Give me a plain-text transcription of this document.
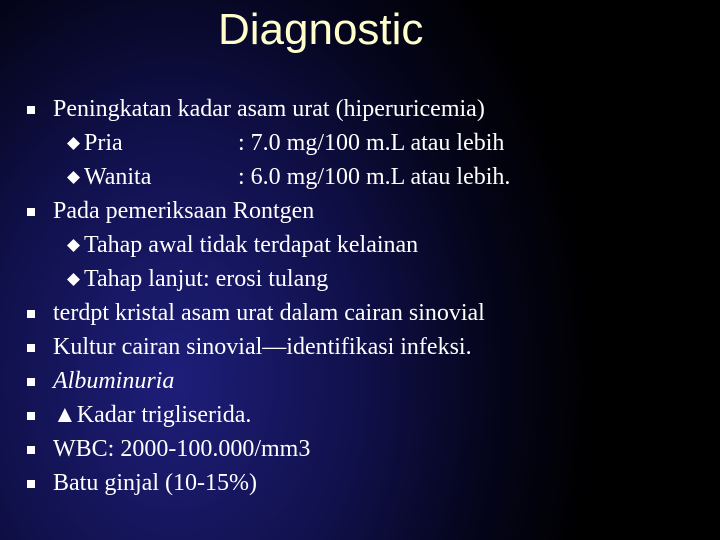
Diagnostic
Peningkatan kadar asam urat (hiperuricemia)
Pria	: 7.0 mg/100 m.L atau lebih
Wanita	: 6.0 mg/100 m.L atau lebih.
Pada pemeriksaan Rontgen
Tahap awal tidak terdapat kelainan
Tahap lanjut: erosi tulang
terdpt kristal asam urat dalam cairan sinovial
Kultur cairan sinovial—identifikasi infeksi.
Albuminuria
▲Kadar trigliserida.
WBC: 2000-100.000/mm3
Batu ginjal (10-15%)
